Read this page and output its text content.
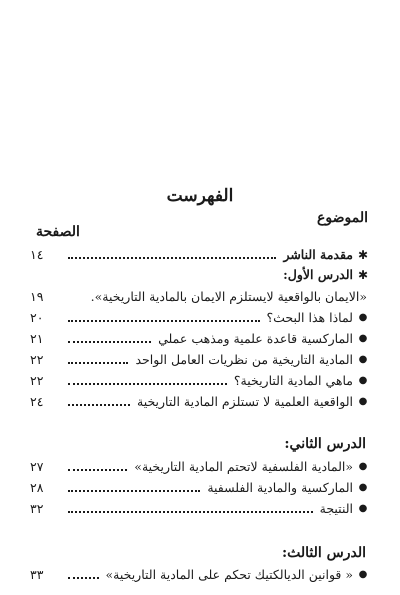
الفهرست
الموضوع
الصفحة
✱
مقدمة الناشر
١٤
✱
الدرس الأول:
«الايمان بالواقعية لايستلزم الايمان بالمادية التاريخية».
١٩
●
لماذا هذا البحث؟
٢٠
●
الماركسية قاعدة علمية ومذهب عملي
٢١
●
المادية التاريخية من نظريات العامل الواحد
٢٢
●
ماهي المادية التاريخية؟
٢٢
●
الواقعية العلمية لا تستلزم المادية التاريخية
٢٤
الدرس الثاني:
●
«المادية الفلسفية لاتحتم المادية التاريخية»
٢٧
●
الماركسية والمادية الفلسفية
٢٨
●
النتيجة
٣٢
الدرس الثالث:
●
« قوانين الديالكتيك تحكم على المادية التاريخية»
٣٣
